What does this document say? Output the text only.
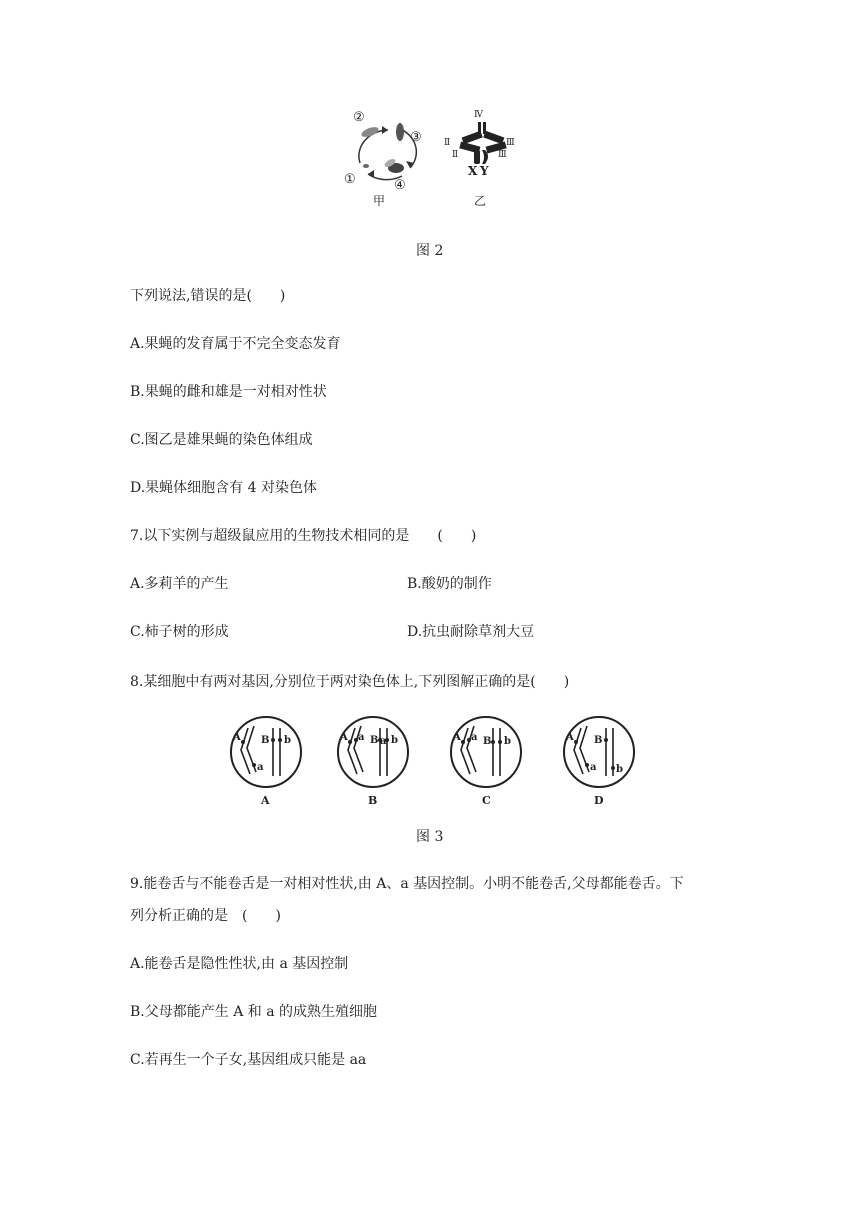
②
③
①	④
Ⅳ
Ⅱ
Ⅱ
Ⅲ
Ⅲ
X Y
甲	乙
图 2
下列说法,错误的是(　　)
A.果蝇的发育属于不完全变态发育
B.果蝇的雌和雄是一对相对性状
C.图乙是雄果蝇的染色体组成
D.果蝇体细胞含有 4 对染色体
7.以下实例与超级鼠应用的生物技术相同的是　　(　　)
A.多莉羊的产生	B.酸奶的制作
C.柿子树的形成	D.抗虫耐除草剂大豆
8.某细胞中有两对基因,分别位于两对染色体上,下列图解正确的是(　　)
A
a
B b
A
A a B a b
B
A a B b
C
A
a
B
b
D
图 3
9.能卷舌与不能卷舌是一对相对性状,由 A、a 基因控制。小明不能卷舌,父母都能卷舌。下
列分析正确的是　(　　)
A.能卷舌是隐性性状,由 a 基因控制
B.父母都能产生 A 和 a 的成熟生殖细胞
C.若再生一个子女,基因组成只能是 aa
